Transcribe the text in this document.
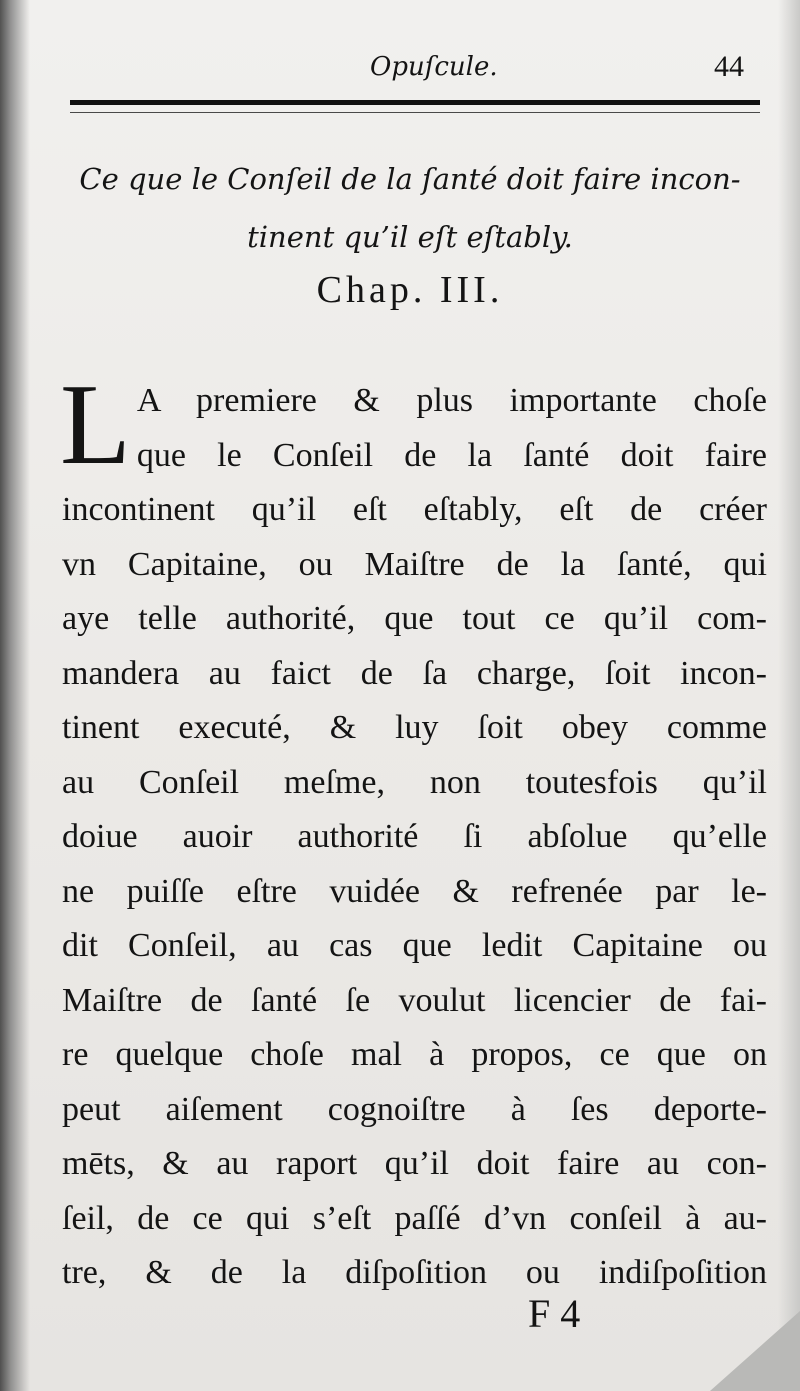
Opuſcule.	44
Ce que le Conſeil de la ſanté doit faire incon-
tinent qu’il eſt eſtably.
Chap. III.
L A premiere & plus importante choſe
que le Conſeil de la ſanté doit faire
incontinent qu’il eſt eſtably, eſt de créer
vn Capitaine, ou Maiſtre de la ſanté, qui
aye telle authorité, que tout ce qu’il com-
mandera au faict de ſa charge, ſoit incon-
tinent executé, & luy ſoit obey comme
au Conſeil meſme, non toutesfois qu’il
doiue auoir authorité ſi abſolue qu’elle
ne puiſſe eſtre vuidée & refrenée par le-
dit Conſeil, au cas que ledit Capitaine ou
Maiſtre de ſanté ſe voulut licencier de fai-
re quelque choſe mal à propos, ce que on
peut aiſement cognoiſtre à ſes deporte-
mēts, & au raport qu’il doit faire au con-
ſeil, de ce qui s’eſt paſſé d’vn conſeil à au-
tre, & de la diſpoſition ou indiſpoſition
F 4
